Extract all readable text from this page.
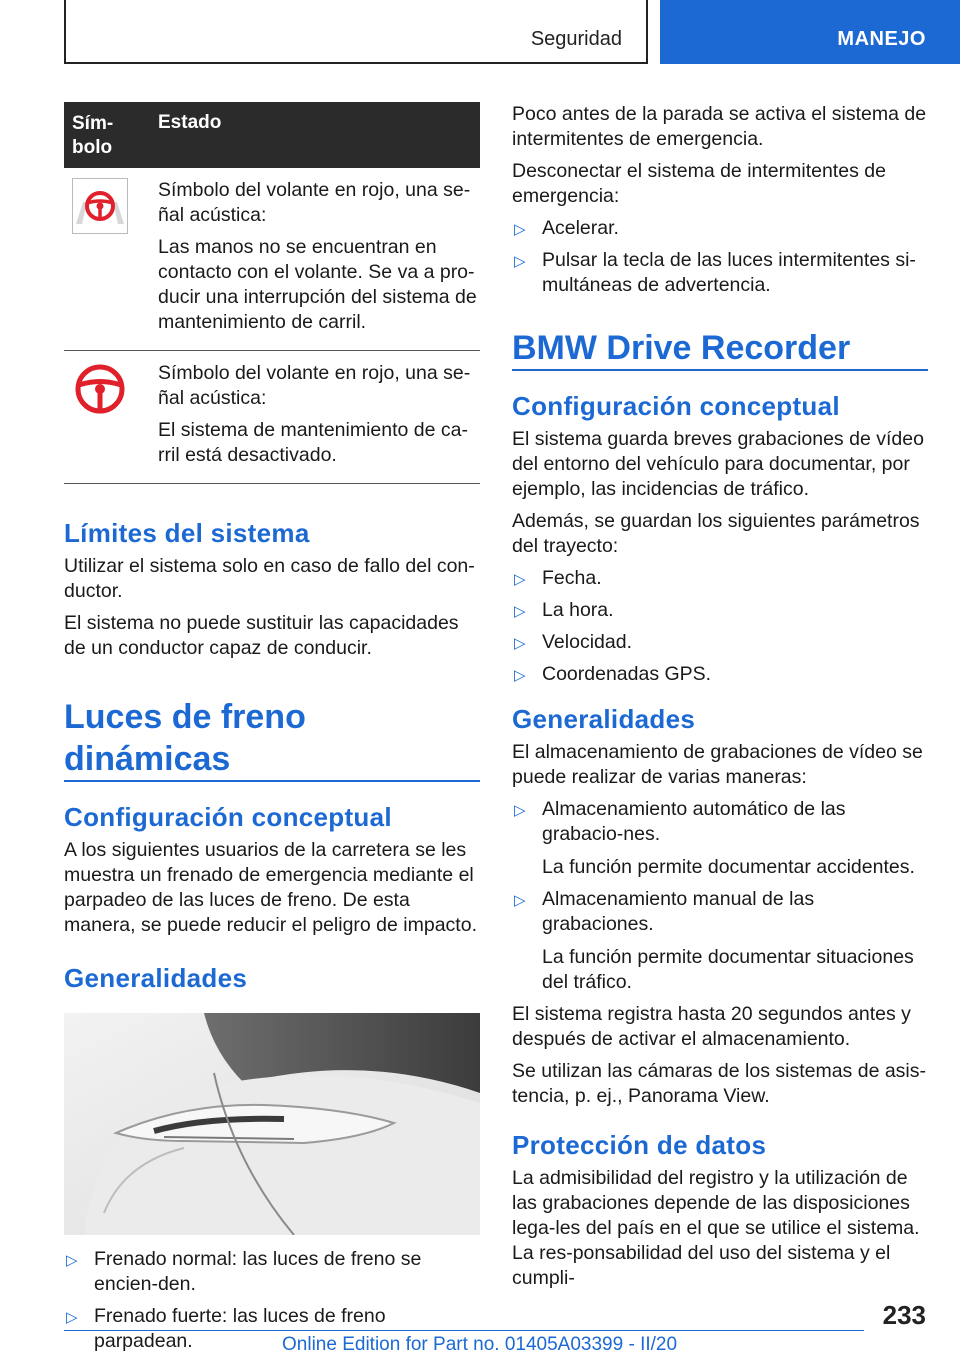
Seguridad	MANEJO
Sím-
bolo
Estado

Símbolo del volante en rojo, una se-ñal acústica:

Las manos no se encuentran en contacto con el volante. Se va a pro-ducir una interrupción del sistema de mantenimiento de carril.

Símbolo del volante en rojo, una se-ñal acústica:

El sistema de mantenimiento de ca-rril está desactivado.

Límites del sistema

Utilizar el sistema solo en caso de fallo del con-ductor.

El sistema no puede sustituir las capacidades de un conductor capaz de conducir.

Luces de freno dinámicas
Configuración conceptual

A los siguientes usuarios de la carretera se les muestra un frenado de emergencia mediante el parpadeo de las luces de freno. De esta manera, se puede reducir el peligro de impacto.

Generalidades
▷ Frenado normal: las luces de freno se encien-den.
▷ Frenado fuerte: las luces de freno parpadean.

Poco antes de la parada se activa el sistema de intermitentes de emergencia.

Desconectar el sistema de intermitentes de emergencia:

▷ Acelerar.
▷ Pulsar la tecla de las luces intermitentes si-multáneas de advertencia.
BMW Drive Recorder
Configuración conceptual

El sistema guarda breves grabaciones de vídeo del entorno del vehículo para documentar, por ejemplo, las incidencias de tráfico.

Además, se guardan los siguientes parámetros del trayecto:

▷ Fecha.
▷ La hora.
▷ Velocidad.
▷ Coordenadas GPS.
Generalidades

El almacenamiento de grabaciones de vídeo se puede realizar de varias maneras:

▷ Almacenamiento automático de las grabacio-nes.
La función permite documentar accidentes.
▷ Almacenamiento manual de las grabaciones.
La función permite documentar situaciones del tráfico.

El sistema registra hasta 20 segundos antes y después de activar el almacenamiento.

Se utilizan las cámaras de los sistemas de asis-tencia, p. ej., Panorama View.

Protección de datos

La admisibilidad del registro y la utilización de las grabaciones depende de las disposiciones lega-les del país en el que se utilice el sistema. La res-ponsabilidad del uso del sistema y el cumpli-

233
Online Edition for Part no. 01405A03399 - II/20
